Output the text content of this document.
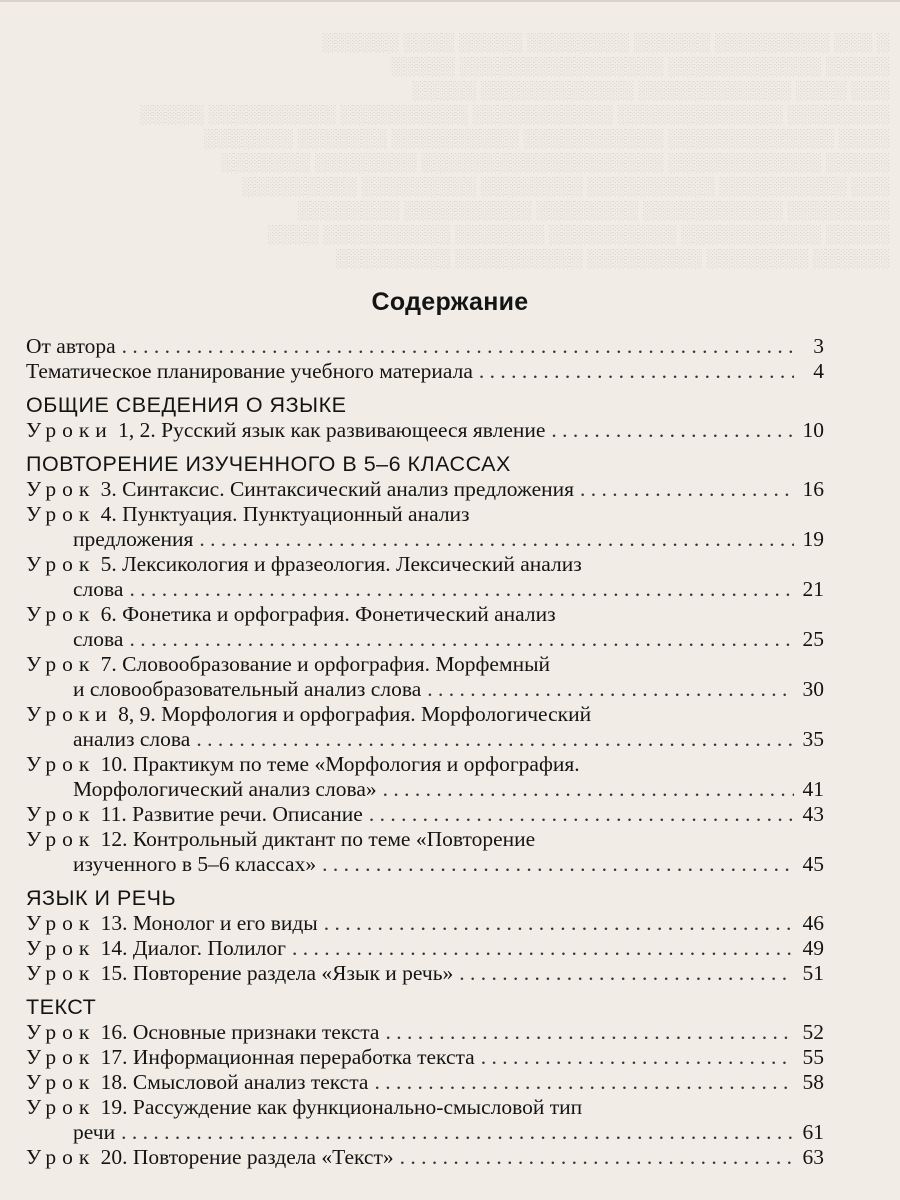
░ ░░░ ░░░░░░░░░ ░░░░░░ ░░░░░░░░ ░░░░░ ░░░░ ░░░░░░
░░░░░ ░░░░░░░░░░░░ ░░░░░░░░░░░░░░░░ ░░░░░
░░░ ░░░░ ░░░░░░░░░░░░ ░░░░░░░░░░░░ ░░░░░
░░░░░░░░ ░░░░░░░░░░░░░ ░░░░░░░░░░░ ░░░░░░░░░░ ░░░░░░░░░░ ░░░░░
░░░░ ░░░░░░░░░░░░░ ░░░░░░░░░░░ ░░░░░░░░░░ ░░░░░░░ ░░░░░░░
░░░░░ ░░░░░░░░░░░░ ░░░░░░░░░░░░░░░░░░░ ░░░░░░░░ ░░░░░░░
░░░ ░░░░░░░░░░ ░░░░░░░░░░ ░░░░░░░░ ░░░░░░░░░ ░░░░░░░░░
░░░░░░░░ ░░░░░░░░░░░ ░░░░░░░░ ░░░░░░░░░░ ░░░░░░░░
░░░░░ ░░░░░░░░░░░ ░░░░░░░░░░ ░░░░░░░ ░░░░░░░░░░ ░░░░
░░░░░░ ░░░░░░░░ ░░░░░░░░░ ░░░░░░░░░░ ░░░░░░░░░
Содержание
От автора . . .	3
Тематическое планирование учебного материала . . .	4
ОБЩИЕ СВЕДЕНИЯ О ЯЗЫКЕ
Уроки 1, 2. Русский язык как развивающееся явление . . .	10
ПОВТОРЕНИЕ ИЗУЧЕННОГО В 5–6 КЛАССАХ
Урок 3. Синтаксис. Синтаксический анализ предложения . . .	16
Урок 4. Пунктуация. Пунктуационный анализ
предложения . . .	19
Урок 5. Лексикология и фразеология. Лексический анализ
слова . . .	21
Урок 6. Фонетика и орфография. Фонетический анализ
слова . . .	25
Урок 7. Словообразование и орфография. Морфемный
и словообразовательный анализ слова . . .	30
Уроки 8, 9. Морфология и орфография. Морфологический
анализ слова . . .	35
Урок 10. Практикум по теме «Морфология и орфография.
Морфологический анализ слова» . . .	41
Урок 11. Развитие речи. Описание . . .	43
Урок 12. Контрольный диктант по теме «Повторение
изученного в 5–6 классах» . . .	45
ЯЗЫК И РЕЧЬ
Урок 13. Монолог и его виды . . .	46
Урок 14. Диалог. Полилог . . .	49
Урок 15. Повторение раздела «Язык и речь» . . .	51
ТЕКСТ
Урок 16. Основные признаки текста . . .	52
Урок 17. Информационная переработка текста . . .	55
Урок 18. Смысловой анализ текста . . .	58
Урок 19. Рассуждение как функционально-смысловой тип
речи . . .	61
Урок 20. Повторение раздела «Текст» . . .	63
